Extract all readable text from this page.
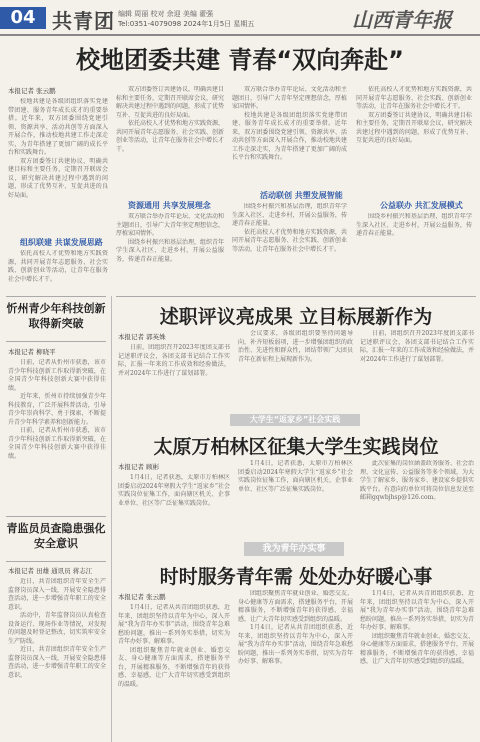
04 共青团 编辑 周丽 校对 余迎 美编 翟强
Tel:0351-4079098 2024年1月5日 星期五	山西青年报
校地团委共建 青春“双向奔赴”
本报记者 张云鹏

校地共建是各级团组织落实党建带团建、服务青年成长成才的重要举措。近年来，双方团委围绕党建引领、资源共享、活动共创等方面深入开展合作，推动校地共建工作走深走实，为青年搭建了更加广阔的成长平台和实践舞台。

双方团委签订共建协议，明确共建目标和主要任务，定期召开联席会议，研究解决共建过程中遇到的问题，形成了优势互补、互促共进的良好局面。

组织联建 共谋发展思路

依托高校人才优势和地方实践资源，共同开展青年志愿服务、社会实践、创新创业等活动，让青年在服务社会中增长才干。

双方团委签订共建协议，明确共建目标和主要任务，定期召开联席会议，研究解决共建过程中遇到的问题，形成了优势互补、互促共进的良好局面。

依托高校人才优势和地方实践资源，共同开展青年志愿服务、社会实践、创新创业等活动，让青年在服务社会中增长才干。

资源通用 共享发展理念

双方联合举办青年论坛、文化活动和主题团日，引导广大青年坚定理想信念，厚植家国情怀。

围绕乡村振兴和基层治理，组织青年学生深入社区、走进乡村，开展公益服务，传递青春正能量。

双方联合举办青年论坛、文化活动和主题团日，引导广大青年坚定理想信念，厚植家国情怀。

校地共建是各级团组织落实党建带团建、服务青年成长成才的重要举措。近年来，双方团委围绕党建引领、资源共享、活动共创等方面深入开展合作，推动校地共建工作走深走实，为青年搭建了更加广阔的成长平台和实践舞台。

活动联创 共塑发展智能

围绕乡村振兴和基层治理，组织青年学生深入社区、走进乡村，开展公益服务，传递青春正能量。

依托高校人才优势和地方实践资源，共同开展青年志愿服务、社会实践、创新创业等活动，让青年在服务社会中增长才干。

依托高校人才优势和地方实践资源，共同开展青年志愿服务、社会实践、创新创业等活动，让青年在服务社会中增长才干。

双方团委签订共建协议，明确共建目标和主要任务，定期召开联席会议，研究解决共建过程中遇到的问题，形成了优势互补、互促共进的良好局面。

公益联办 共汇发展模式

围绕乡村振兴和基层治理，组织青年学生深入社区、走进乡村，开展公益服务，传递青春正能量。

忻州青少年科技创新取得新突破
本报记者 柳晓平

日前，记者从忻州市获悉，该市青少年科技创新工作取得新突破，在全国青少年科技创新大赛中获得佳绩。

近年来，忻州市持续加强青少年科技教育，广泛开展科普活动，引导青少年崇尚科学、勇于探索，不断提升青少年科学素养和创新能力。

日前，记者从忻州市获悉，该市青少年科技创新工作取得新突破，在全国青少年科技创新大赛中获得佳绩。

青监员员查隐患强化安全意识
本报记者 田雄 通讯员 蒋志江

近日，共青团组织青年安全生产监督岗员深入一线，开展安全隐患排查活动，进一步增强青年职工的安全意识。

活动中，青年监督岗员认真检查设备运行、现场作业等情况，对发现的问题及时登记整改，切实筑牢安全生产防线。

近日，共青团组织青年安全生产监督岗员深入一线，开展安全隐患排查活动，进一步增强青年职工的安全意识。

述职评议亮成果 立目标展新作为
本报记者 郭英姝

日前，团组织召开2023年度团支部书记述职评议会，各团支部书记结合工作实际，汇报一年来的工作成效和经验做法，并对2024年工作进行了谋划部署。

会议要求，各级团组织要坚持问题导向，补齐短板弱项，进一步增强团组织的政治性、先进性和群众性，团结带领广大团员青年在新征程上展现新作为。

日前，团组织召开2023年度团支部书记述职评议会，各团支部书记结合工作实际，汇报一年来的工作成效和经验做法，并对2024年工作进行了谋划部署。

大学生“返家乡”社会实践
太原万柏林区征集大学生实践岗位
本报记者 顾彬

1月4日，记者获悉，太原市万柏林区团委启动2024年寒假大学生“返家乡”社会实践岗位征集工作，面向辖区机关、企事业单位、社区等广泛征集实践岗位。

1月4日，记者获悉，太原市万柏林区团委启动2024年寒假大学生“返家乡”社会实践岗位征集工作，面向辖区机关、企事业单位、社区等广泛征集实践岗位。

此次征集的岗位涵盖政务服务、社会治理、文化宣传、公益服务等多个领域，为大学生了解家乡、服务家乡、建设家乡提供实践平台。有意向的单位可将岗位信息发送至邮箱gqwbjhsp@126.com。

我为青年办实事
时时服务青年需 处处办好暖心事
本报记者 张云鹏

1月4日，记者从共青团组织获悉，近年来，团组织坚持以青年为中心，深入开展“我为青年办实事”活动，围绕青年急难愁盼问题，推出一系列务实举措，切实为青年办好事、解难事。

团组织聚焦青年就业创业、婚恋交友、身心健康等方面需求，搭建服务平台，开展精准服务，不断增强青年的获得感、幸福感，让广大青年切实感受到组织的温暖。

团组织聚焦青年就业创业、婚恋交友、身心健康等方面需求，搭建服务平台，开展精准服务，不断增强青年的获得感、幸福感，让广大青年切实感受到组织的温暖。

1月4日，记者从共青团组织获悉，近年来，团组织坚持以青年为中心，深入开展“我为青年办实事”活动，围绕青年急难愁盼问题，推出一系列务实举措，切实为青年办好事、解难事。

1月4日，记者从共青团组织获悉，近年来，团组织坚持以青年为中心，深入开展“我为青年办实事”活动，围绕青年急难愁盼问题，推出一系列务实举措，切实为青年办好事、解难事。

团组织聚焦青年就业创业、婚恋交友、身心健康等方面需求，搭建服务平台，开展精准服务，不断增强青年的获得感、幸福感，让广大青年切实感受到组织的温暖。
